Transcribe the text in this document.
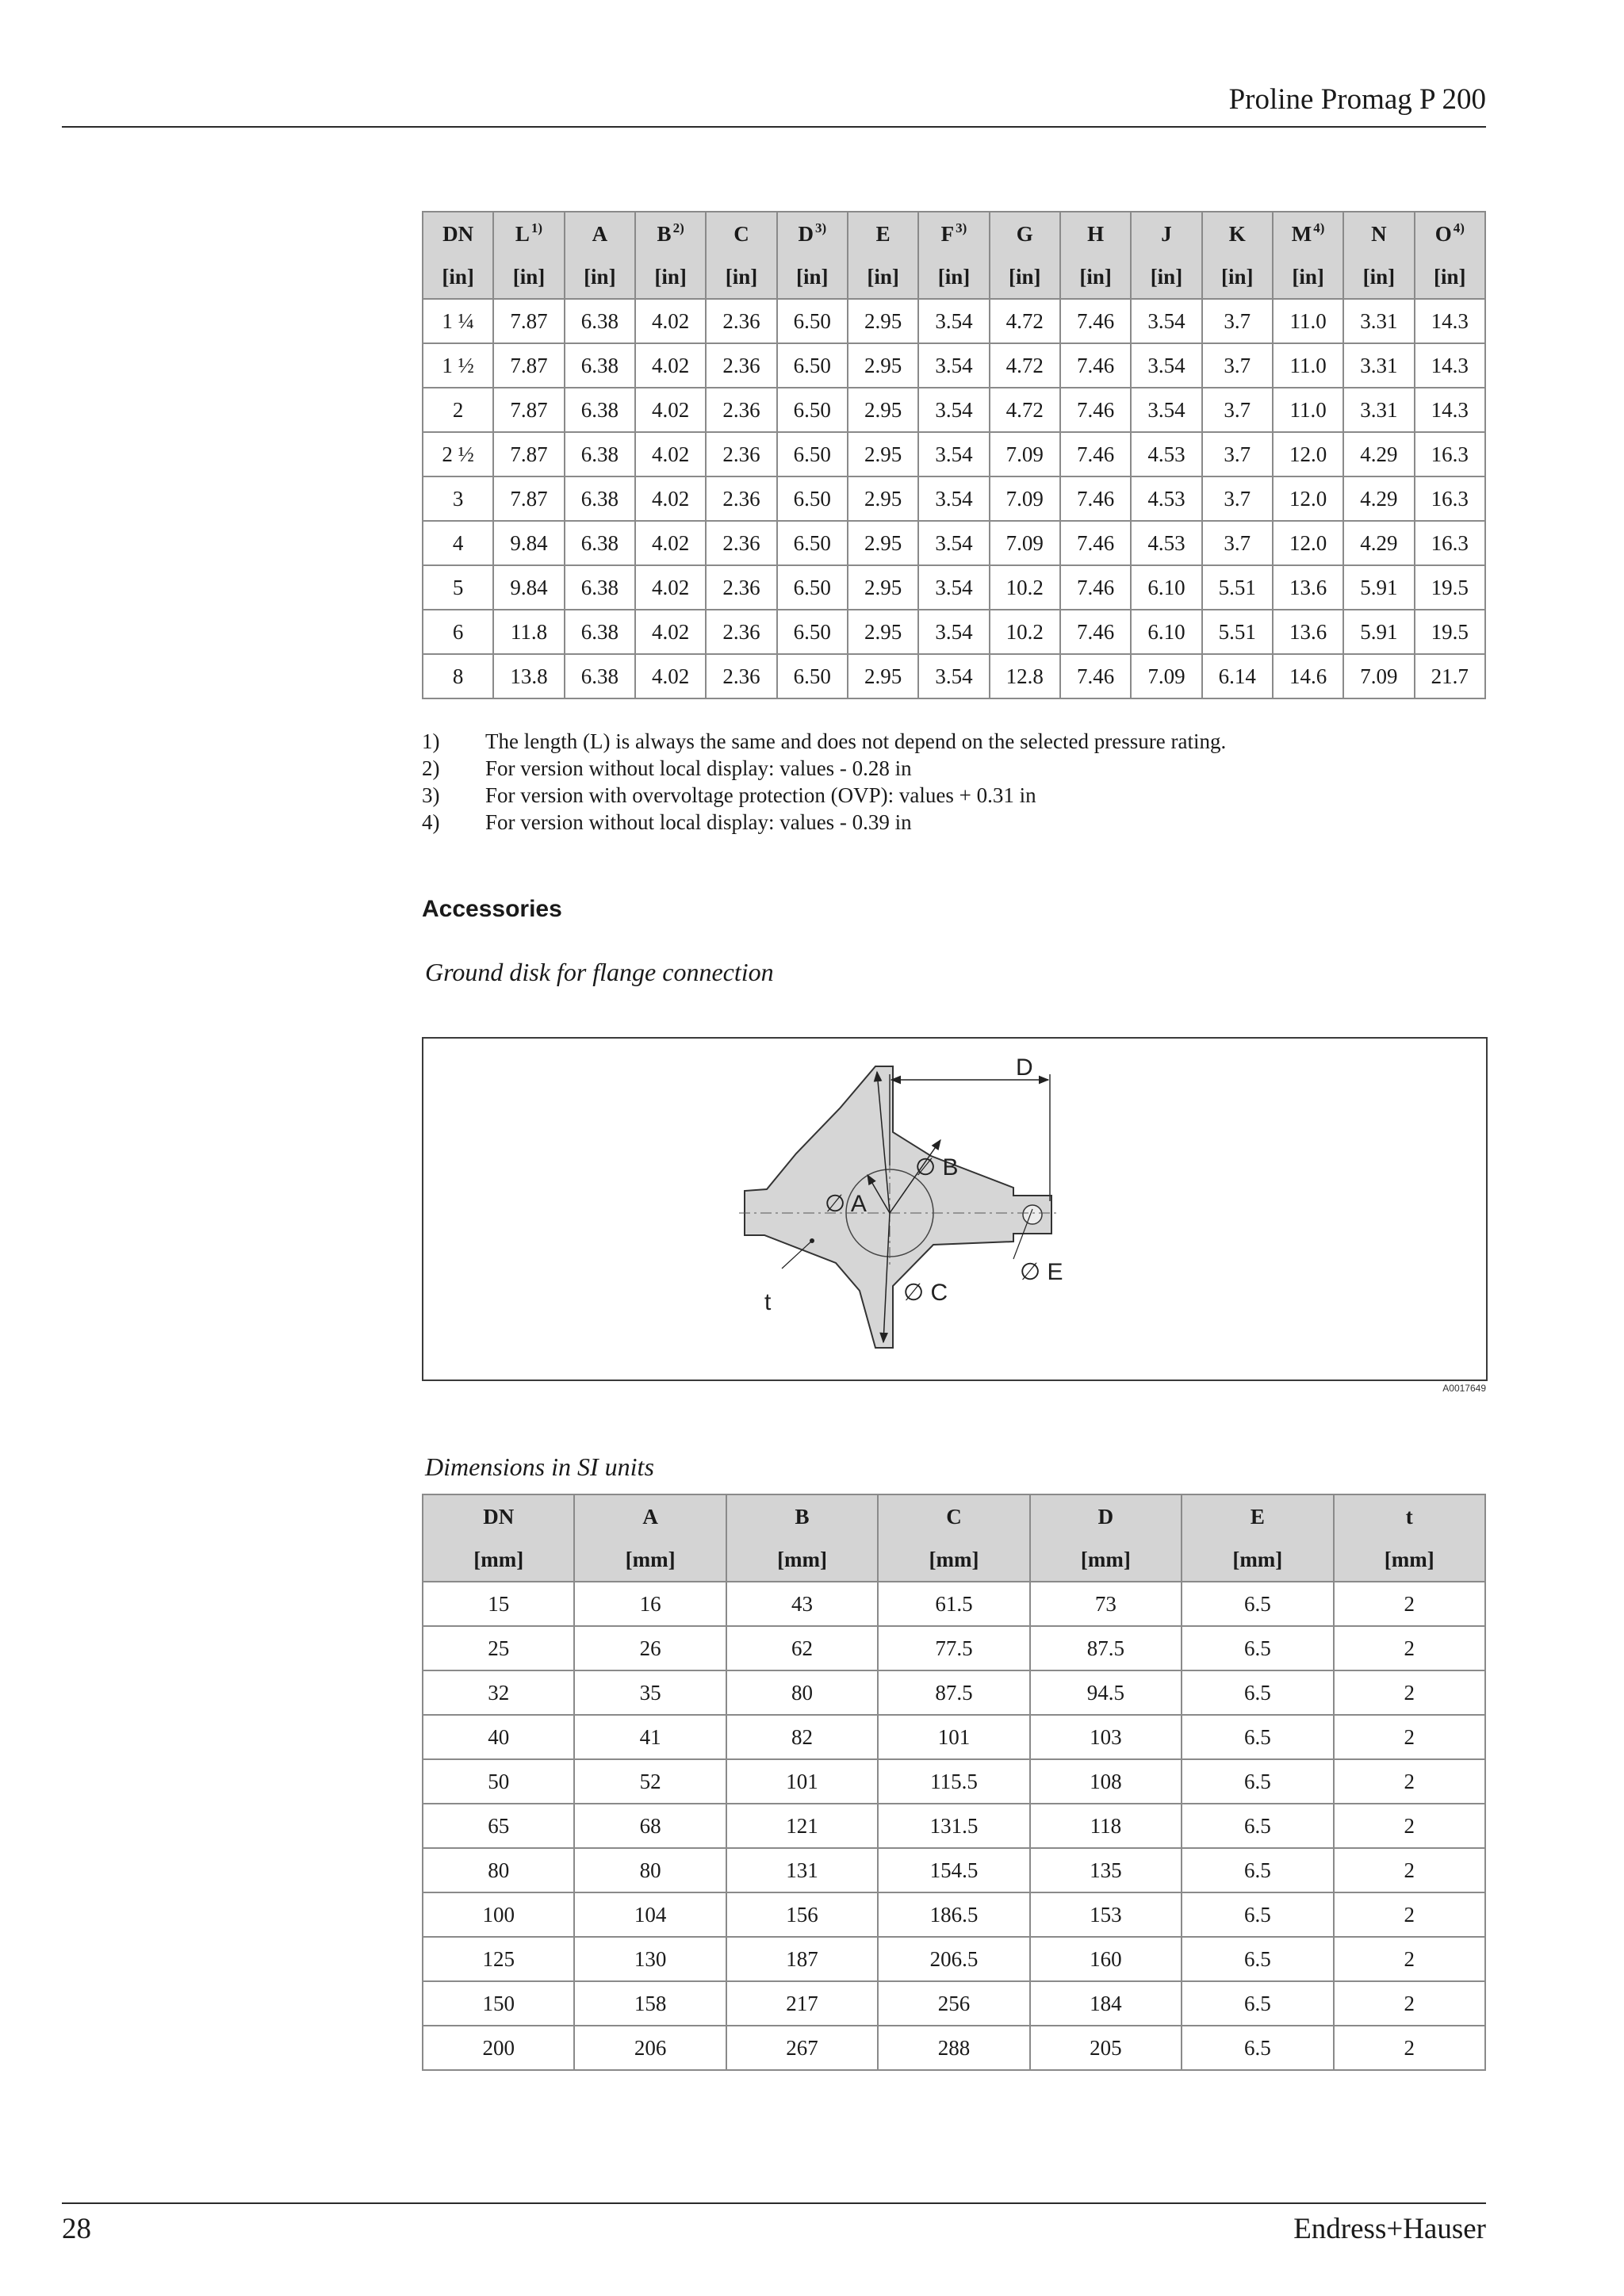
Proline Promag P 200
DN	L $^{1)}$	A	B $^{2)}$	C	D $^{3)}$	E	F $^{3)}$	G	H	J	K	M $^{4)}$	N	O $^{4)}$
[in]	[in]	[in]	[in]	[in]	[in]	[in]	[in]	[in]	[in]	[in]	[in]	[in]	[in]	[in]
1 ¼	7.87	6.38	4.02	2.36	6.50	2.95	3.54	4.72	7.46	3.54	3.7	11.0	3.31	14.3
1 ½	7.87	6.38	4.02	2.36	6.50	2.95	3.54	4.72	7.46	3.54	3.7	11.0	3.31	14.3
2	7.87	6.38	4.02	2.36	6.50	2.95	3.54	4.72	7.46	3.54	3.7	11.0	3.31	14.3
2 ½	7.87	6.38	4.02	2.36	6.50	2.95	3.54	7.09	7.46	4.53	3.7	12.0	4.29	16.3
3	7.87	6.38	4.02	2.36	6.50	2.95	3.54	7.09	7.46	4.53	3.7	12.0	4.29	16.3
4	9.84	6.38	4.02	2.36	6.50	2.95	3.54	7.09	7.46	4.53	3.7	12.0	4.29	16.3
5	9.84	6.38	4.02	2.36	6.50	2.95	3.54	10.2	7.46	6.10	5.51	13.6	5.91	19.5
6	11.8	6.38	4.02	2.36	6.50	2.95	3.54	10.2	7.46	6.10	5.51	13.6	5.91	19.5
8	13.8	6.38	4.02	2.36	6.50	2.95	3.54	12.8	7.46	7.09	6.14	14.6	7.09	21.7
1)	The length (L) is always the same and does not depend on the selected pressure rating.
2)	For version without local display: values - 0.28 in
3)	For version with overvoltage protection (OVP): values + 0.31 in
4)	For version without local display: values - 0.39 in
Accessories
Ground disk for flange connection
D
∅ B
∅ A
∅ E
∅ C
t
A0017649
Dimensions in SI units
DN	A	B	C	D	E	t
[mm]	[mm]	[mm]	[mm]	[mm]	[mm]	[mm]
15	16	43	61.5	73	6.5	2
25	26	62	77.5	87.5	6.5	2
32	35	80	87.5	94.5	6.5	2
40	41	82	101	103	6.5	2
50	52	101	115.5	108	6.5	2
65	68	121	131.5	118	6.5	2
80	80	131	154.5	135	6.5	2
100	104	156	186.5	153	6.5	2
125	130	187	206.5	160	6.5	2
150	158	217	256	184	6.5	2
200	206	267	288	205	6.5	2
28	Endress+Hauser
